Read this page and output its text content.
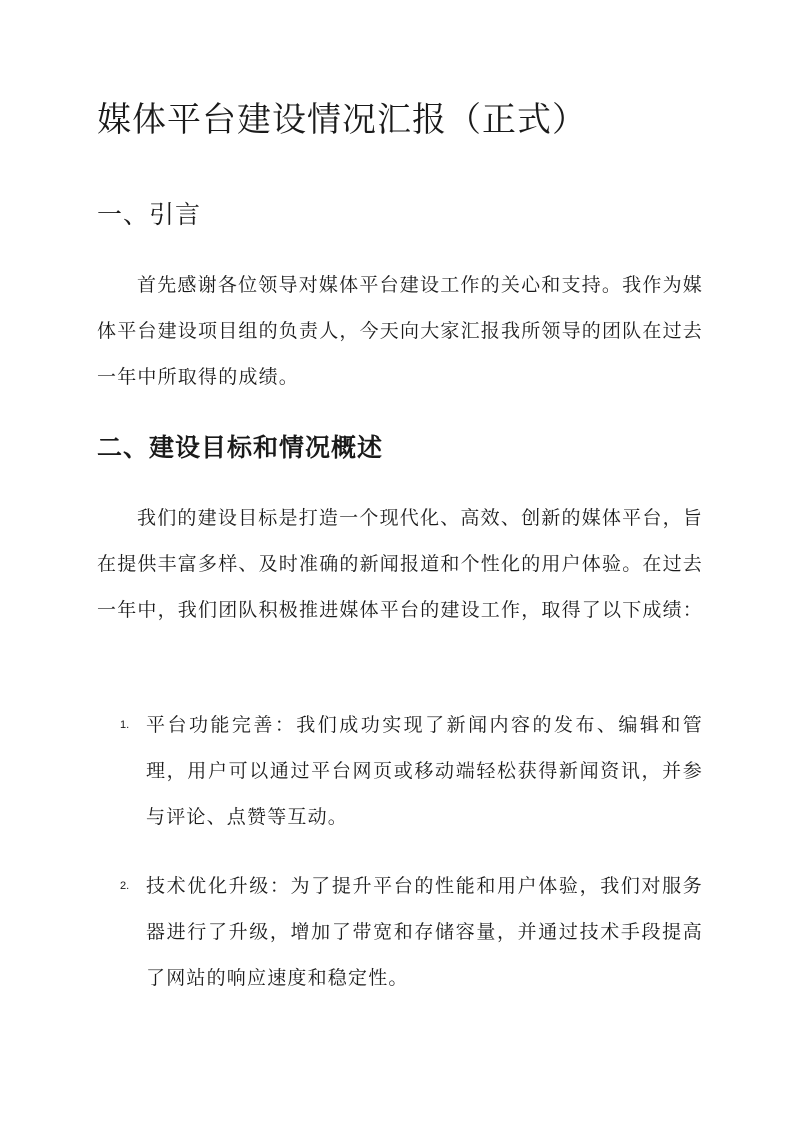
媒体平台建设情况汇报（正式）
一、引言

首先感谢各位领导对媒体平台建设工作的关心和支持。我作为媒体平台建设项目组的负责人，今天向大家汇报我所领导的团队在过去一年中所取得的成绩。

二、建设目标和情况概述

我们的建设目标是打造一个现代化、高效、创新的媒体平台，旨在提供丰富多样、及时准确的新闻报道和个性化的用户体验。在过去一年中，我们团队积极推进媒体平台的建设工作，取得了以下成绩：

1. 平台功能完善：我们成功实现了新闻内容的发布、编辑和管理，用户可以通过平台网页或移动端轻松获得新闻资讯，并参与评论、点赞等互动。
2. 技术优化升级：为了提升平台的性能和用户体验，我们对服务器进行了升级，增加了带宽和存储容量，并通过技术手段提高了网站的响应速度和稳定性。
